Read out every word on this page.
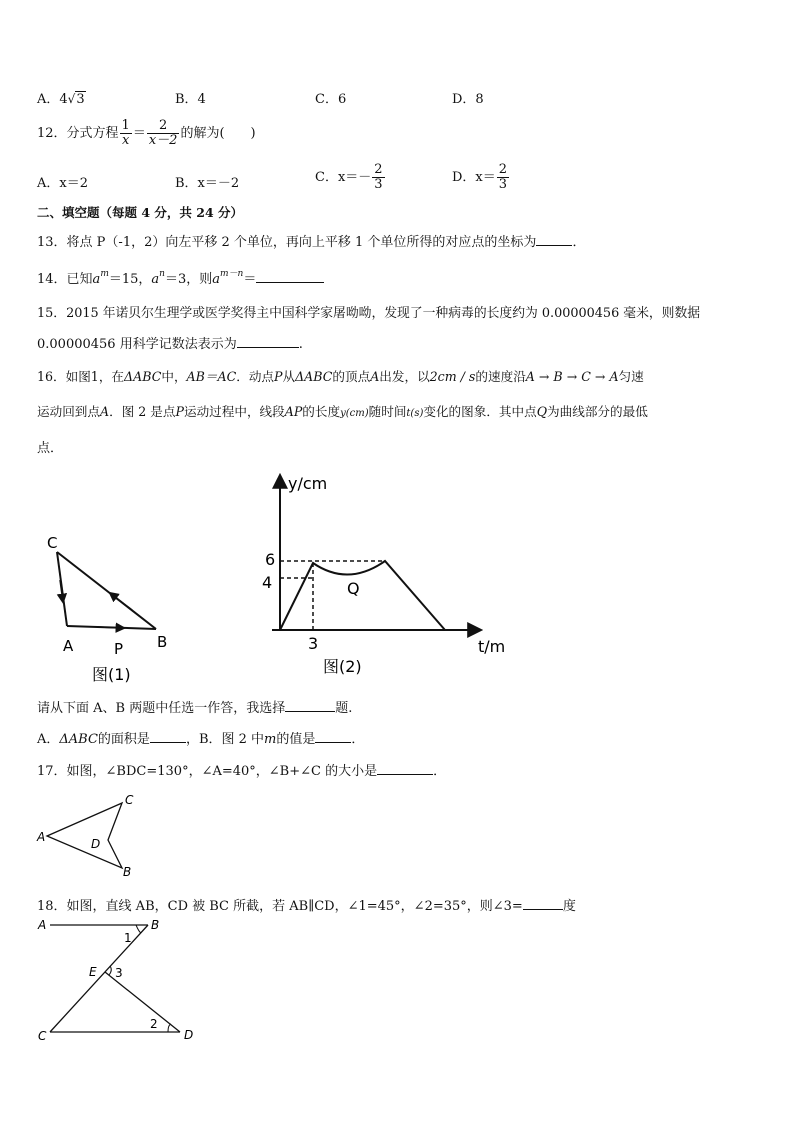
A．4√3	B．4	C．6	D．8
12．分式方程 $\frac{1}{x} = \frac{2}{x-2}$ 的解为(　　)
A．x＝2	B．x＝－2	C．$x=- \frac{2}{3}$	D．$x= \frac{2}{3}$
二、填空题（每题 4 分，共 24 分）
13．将点 P（-1，2）向左平移 2 个单位，再向上平移 1 个单位所得的对应点的坐标为	．
14．已知$a^m=15$，$a^n=3$，则$a^{m-n}=$
15．2015 年诺贝尔生理学或医学奖得主中国科学家屠呦呦，发现了一种病毒的长度约为 0.00000456 毫米，则数据
0.00000456 用科学记数法表示为	.
16．如图1，在ΔABC中，AB＝AC．动点P从ΔABC的顶点A出发，以2cm / s的速度沿A → B → C → A匀速
运动回到点A．图 2 是点P运动过程中，线段AP的长度y(cm)随时间t(s)变化的图象．其中点Q为曲线部分的最低
点．
C
A	B
P
图(1)
y/cm
t/m
6
4
3
Q
图(2)
请从下面 A、B 两题中任选一作答，我选择	题.
A．ΔABC的面积是	，B．图 2 中m的值是	．
17．如图，∠BDC=130°，∠A=40°，∠B+∠C 的大小是	．
A
C
D
B
18．如图，直线 AB，CD 被 BC 所截，若 AB∥CD，∠1=45°，∠2=35°，则∠3=	度
A	B
C	D
E
1
2
3
